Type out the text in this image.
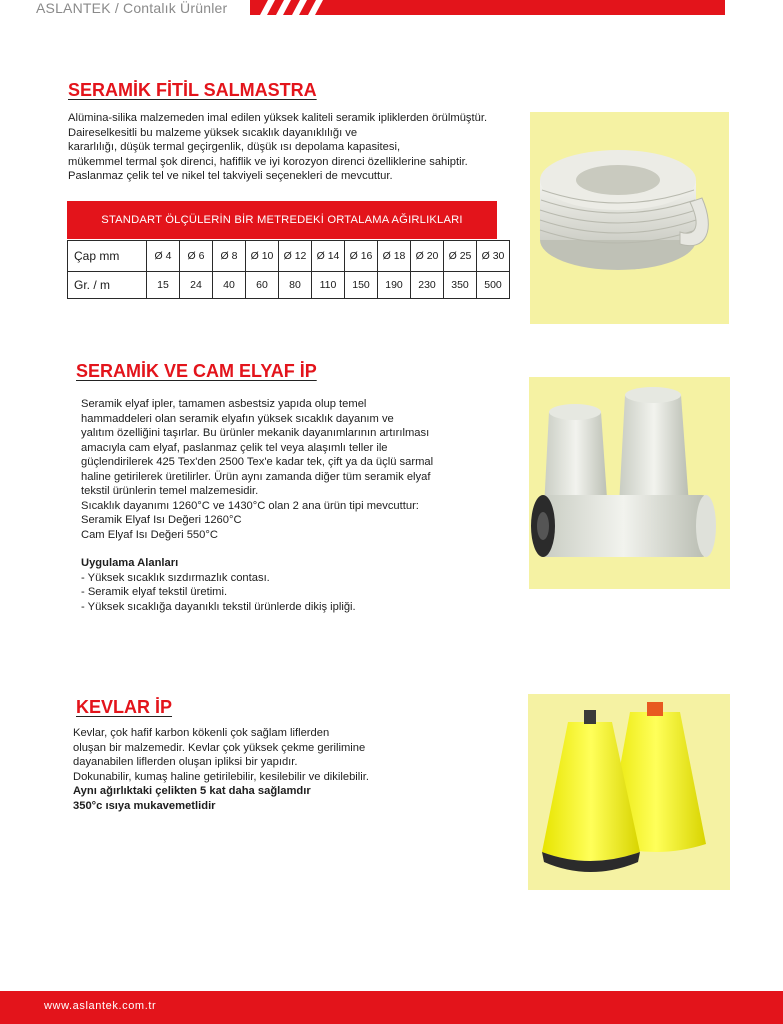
ASLANTEK / Contalık Ürünler
SERAMİK FİTİL SALMASTRA
Alümina-silika malzemeden imal edilen yüksek kaliteli seramik ipliklerden örülmüştür.
Daireselkesitli bu malzeme yüksek sıcaklık dayanıklılığı ve
kararlılığı, düşük termal geçirgenlik, düşük ısı depolama kapasitesi,
mükemmel termal şok direnci, hafiflik ve iyi korozyon direnci özelliklerine sahiptir.
Paslanmaz çelik tel ve nikel tel takviyeli seçenekleri de mevcuttur.
STANDART ÖLÇÜLERİN BİR METREDEKİ ORTALAMA AĞIRLIKLARI
Çap mm	Ø 4	Ø 6	Ø 8	Ø 10	Ø 12	Ø 14	Ø 16	Ø 18	Ø 20	Ø 25	Ø 30
Gr. / m	15	24	40	60	80	110	150	190	230	350	500
SERAMİK VE CAM ELYAF İP
Seramik elyaf ipler, tamamen asbestsiz yapıda olup temel
hammaddeleri olan seramik elyafın yüksek sıcaklık dayanım ve
yalıtım özelliğini taşırlar. Bu ürünler mekanik dayanımlarının artırılması
amacıyla cam elyaf, paslanmaz çelik tel veya alaşımlı teller ile
güçlendirilerek 425 Tex'den 2500 Tex'e kadar tek, çift ya da üçlü sarmal
haline getirilerek üretilirler. Ürün aynı zamanda diğer tüm seramik elyaf
tekstil ürünlerin temel malzemesidir.
Sıcaklık dayanımı 1260°C ve 1430°C olan 2 ana ürün tipi mevcuttur:
Seramik Elyaf Isı Değeri 1260°C
Cam Elyaf Isı Değeri 550°C
Uygulama Alanları
- Yüksek sıcaklık sızdırmazlık contası.
- Seramik elyaf tekstil üretimi.
- Yüksek sıcaklığa dayanıklı tekstil ürünlerde dikiş ipliği.
KEVLAR İP
Kevlar, çok hafif karbon kökenli çok sağlam liflerden
oluşan bir malzemedir. Kevlar çok yüksek çekme gerilimine
dayanabilen liflerden oluşan ipliksi bir yapıdır.
Dokunabilir, kumaş haline getirilebilir, kesilebilir ve dikilebilir.
Aynı ağırlıktaki çelikten 5 kat daha sağlamdır
350°c ısıya mukavemetlidir
www.aslantek.com.tr
